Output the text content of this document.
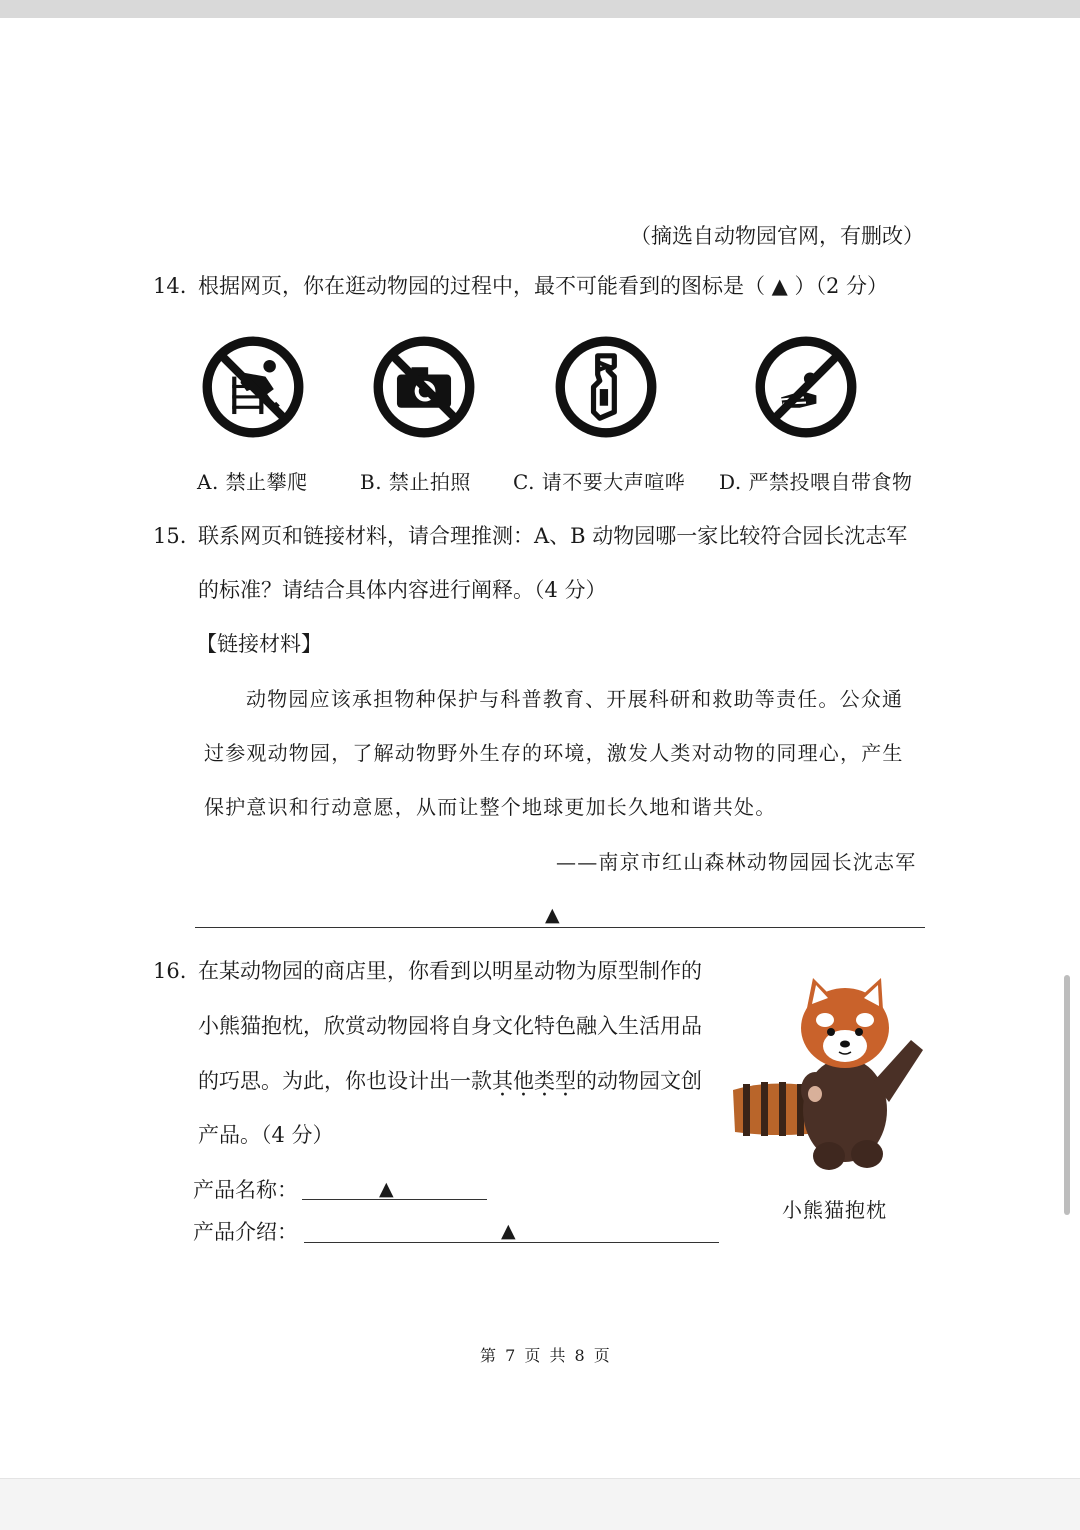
（摘选自动物园官网，有删改）
14. 根据网页，你在逛动物园的过程中，最不可能看到的图标是（ ▲ ）（2 分）
A. 禁止攀爬	B. 禁止拍照 C. 请不要大声喧哗 D. 严禁投喂自带食物
15. 联系网页和链接材料，请合理推测：A、B 动物园哪一家比较符合园长沈志军
的标准？请结合具体内容进行阐释。（4 分）
【链接材料】
动物园应该承担物种保护与科普教育、开展科研和救助等责任。公众通
过参观动物园，了解动物野外生存的环境，激发人类对动物的同理心，产生
保护意识和行动意愿，从而让整个地球更加长久地和谐共处。
——南京市红山森林动物园园长沈志军
▲
16. 在某动物园的商店里，你看到以明星动物为原型制作的
小熊猫抱枕，欣赏动物园将自身文化特色融入生活用品
的巧思。为此，你也设计出一款其他类型的动物园文创
产品。（4 分）
产品名称：	▲
产品介绍：	▲
小熊猫抱枕
第 7 页 共 8 页
